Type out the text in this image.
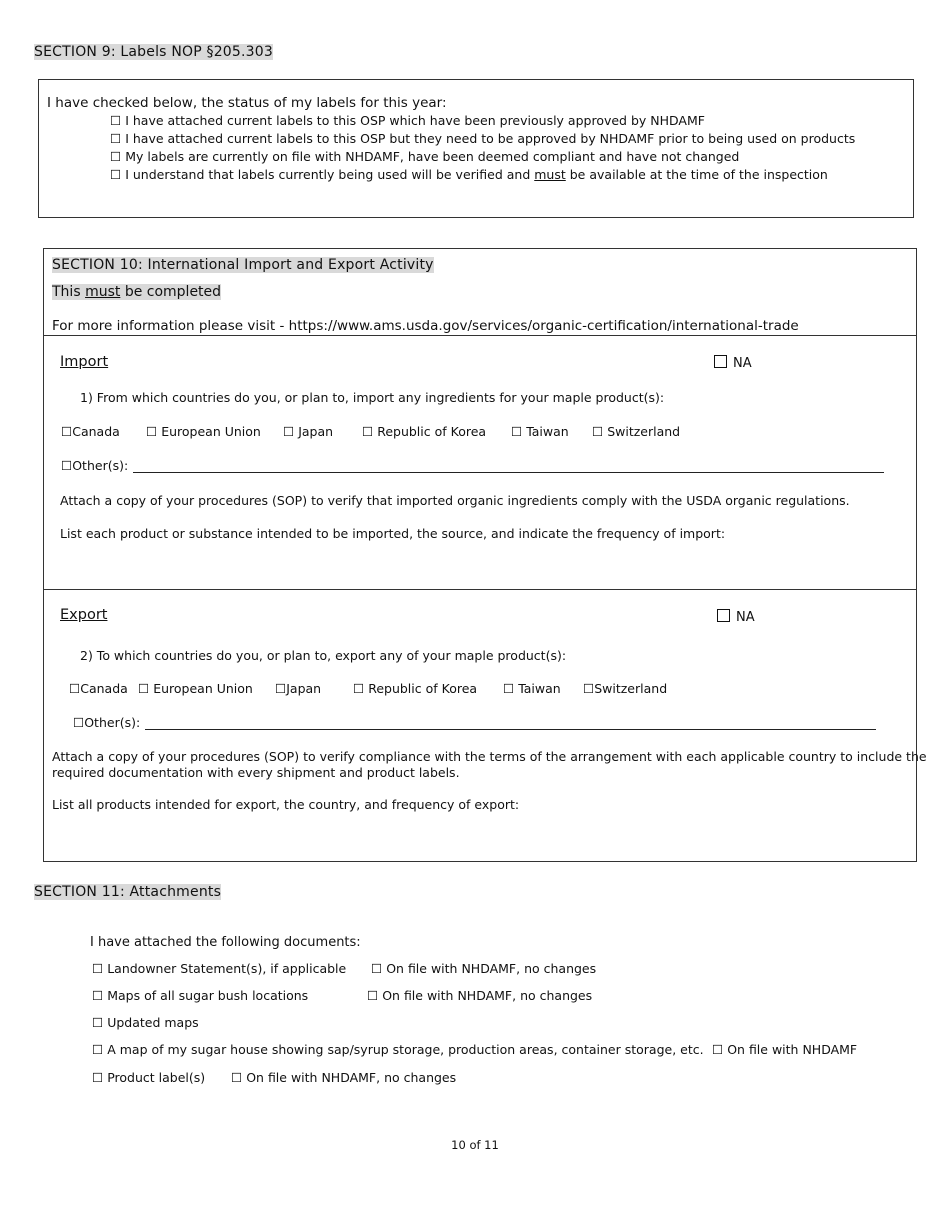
SECTION 9: Labels NOP §205.303
I have checked below, the status of my labels for this year:
☐ I have attached current labels to this OSP which have been previously approved by NHDAMF
☐ I have attached current labels to this OSP but they need to be approved by NHDAMF prior to being used on products
☐ My labels are currently on file with NHDAMF, have been deemed compliant and have not changed
☐ I understand that labels currently being used will be verified and must be available at the time of the inspection
SECTION 10: International Import and Export Activity
This must be completed
For more information please visit - https://www.ams.usda.gov/services/organic-certification/international-trade
Import	NA
1) From which countries do you, or plan to, import any ingredients for your maple product(s):
☐Canada ☐ European Union ☐ Japan ☐ Republic of Korea ☐ Taiwan ☐ Switzerland
☐Other(s):
Attach a copy of your procedures (SOP) to verify that imported organic ingredients comply with the USDA organic regulations.
List each product or substance intended to be imported, the source, and indicate the frequency of import:
Export	NA
2) To which countries do you, or plan to, export any of your maple product(s):
☐Canada ☐ European Union ☐Japan	☐ Republic of Korea ☐ Taiwan ☐Switzerland
☐Other(s):
Attach a copy of your procedures (SOP) to verify compliance with the terms of the arrangement with each applicable country to include the
required documentation with every shipment and product labels.
List all products intended for export, the country, and frequency of export:
SECTION 11: Attachments
I have attached the following documents:
☐ Landowner Statement(s), if applicable ☐ On file with NHDAMF, no changes
☐ Maps of all sugar bush locations	☐ On file with NHDAMF, no changes
☐ Updated maps
☐ A map of my sugar house showing sap/syrup storage, production areas, container storage, etc. ☐ On file with NHDAMF
☐ Product label(s) ☐ On file with NHDAMF, no changes
10 of 11
